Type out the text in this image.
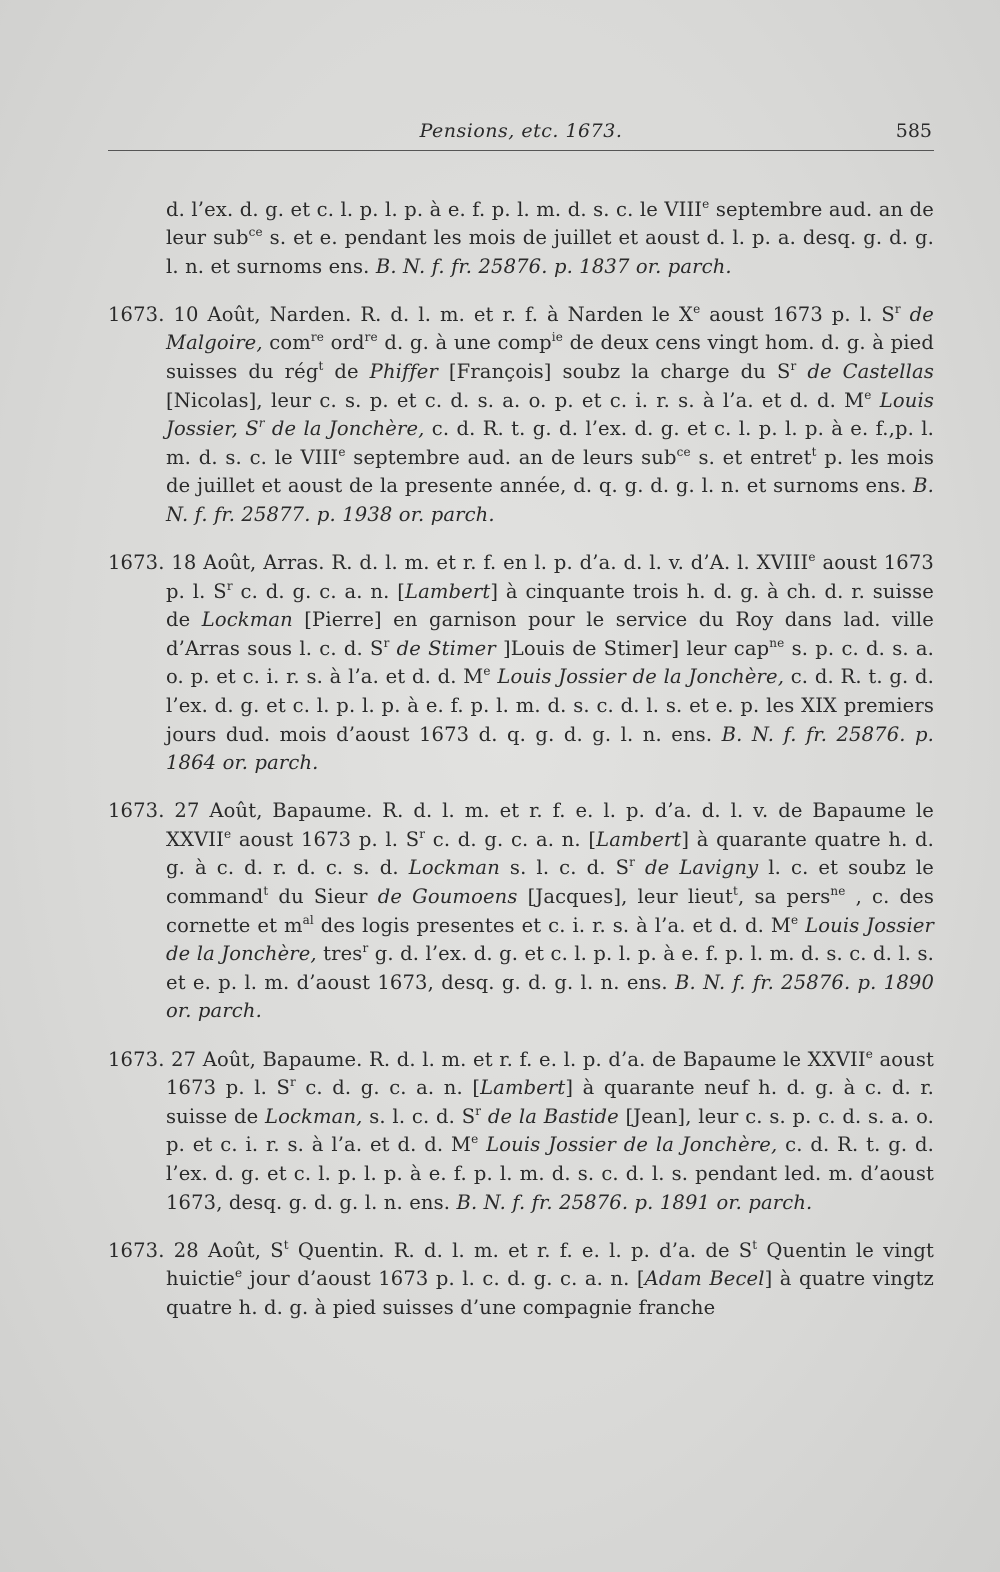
Pensions, etc. 1673.	585

d. l’ex. d. g. et c. l. p. l. p. à e. f. p. l. m. d. s. c. le VIIIe septembre aud. an de leur sub$^{ce}$ s. et e. pendant les mois de juillet et aoust d. l. p. a. desq. g. d. g. l. n. et surnoms ens. B. N. f. fr. 25876. p. 1837 or. parch.

1673. 10 Août, Narden. R. d. l. m. et r. f. à Narden le Xe aoust 1673 p. l. $S^r$ de Malgoire, com$^{re}$ ord$^{re}$ d. g. à une comp$^{ie}$ de deux cens vingt hom. d. g. à pied suisses du rég$^t$ de Phiffer [François] soubz la charge du $S^r$ de Castellas [Nicolas], leur c. s. p. et c. d. s. a. o. p. et c. i. r. s. à l’a. et d. d. Me Louis Jossier, $S^r$ de la Jonchère, c. d. R. t. g. d. l’ex. d. g. et c. l. p. l. p. à e. f.,p. l. m. d. s. c. le VIIIe septembre aud. an de leurs sub$^{ce}$ s. et entret$^t$ p. les mois de juillet et aoust de la presente année, d. q. g. d. g. l. n. et surnoms ens. B. N. f. fr. 25877. p. 1938 or. parch.

1673. 18 Août, Arras. R. d. l. m. et r. f. en l. p. d’a. d. l. v. d’A. l. XVIIIe aoust 1673 p. l. $S^r$ c. d. g. c. a. n. [Lambert] à cinquante trois h. d. g. à ch. d. r. suisse de Lockman [Pierre] en garnison pour le service du Roy dans lad. ville d’Arras sous l. c. d. $S^r$ de Stimer ]Louis de Stimer] leur cap$^{ne}$ s. p. c. d. s. a. o. p. et c. i. r. s. à l’a. et d. d. Me Louis Jossier de la Jonchère, c. d. R. t. g. d. l’ex. d. g. et c. l. p. l. p. à e. f. p. l. m. d. s. c. d. l. s. et e. p. les XIX premiers jours dud. mois d’aoust 1673 d. q. g. d. g. l. n. ens. B. N. f. fr. 25876. p. 1864 or. parch.

1673. 27 Août, Bapaume. R. d. l. m. et r. f. e. l. p. d’a. d. l. v. de Bapaume le XXVIIe aoust 1673 p. l. $S^r$ c. d. g. c. a. n. [Lambert] à quarante quatre h. d. g. à c. d. r. d. c. s. d. Lockman s. l. c. d. $S^r$ de Lavigny l. c. et soubz le command$^t$ du Sieur de Goumoens [Jacques], leur lieut$^t$, sa pers$^{ne}$ , c. des cornette et $m^{al}$ des logis presentes et c. i. r. s. à l’a. et d. d. Me Louis Jossier de la Jonchère, tres$^r$ g. d. l’ex. d. g. et c. l. p. l. p. à e. f. p. l. m. d. s. c. d. l. s. et e. p. l. m. d’aoust 1673, desq. g. d. g. l. n. ens. B. N. f. fr. 25876. p. 1890 or. parch.

1673. 27 Août, Bapaume. R. d. l. m. et r. f. e. l. p. d’a. de Bapaume le XXVIIe aoust 1673 p. l. $S^r$ c. d. g. c. a. n. [Lambert] à quarante neuf h. d. g. à c. d. r. suisse de Lockman, s. l. c. d. $S^r$ de la Bastide [Jean], leur c. s. p. c. d. s. a. o. p. et c. i. r. s. à l’a. et d. d. Me Louis Jossier de la Jonchère, c. d. R. t. g. d. l’ex. d. g. et c. l. p. l. p. à e. f. p. l. m. d. s. c. d. l. s. pendant led. m. d’aoust 1673, desq. g. d. g. l. n. ens. B. N. f. fr. 25876. p. 1891 or. parch.

1673. 28 Août, $S^t$ Quentin. R. d. l. m. et r. f. e. l. p. d’a. de $S^t$ Quentin le vingt huictie$^e$ jour d’aoust 1673 p. l. c. d. g. c. a. n. [Adam Becel] à quatre vingtz quatre h. d. g. à pied suisses d’une compagnie franche
